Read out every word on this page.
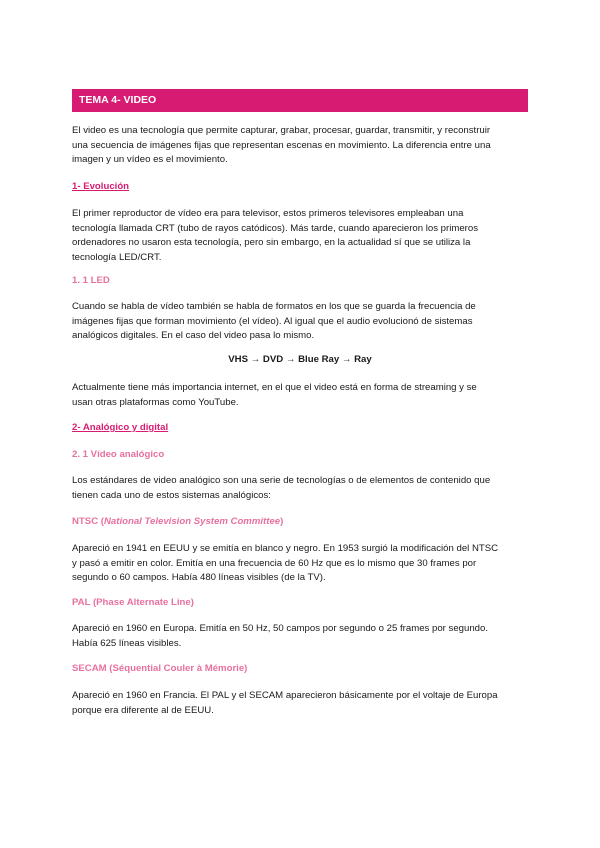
TEMA 4- VIDEO

El video es una tecnología que permite capturar, grabar, procesar, guardar, transmitir, y reconstruir
una secuencia de imágenes fijas que representan escenas en movimiento. La diferencia entre una
imagen y un vídeo es el movimiento.

1- Evolución

El primer reproductor de vídeo era para televisor, estos primeros televisores empleaban una
tecnología llamada CRT (tubo de rayos catódicos). Más tarde, cuando aparecieron los primeros
ordenadores no usaron esta tecnología, pero sin embargo, en la actualidad sí que se utiliza la
tecnología LED/CRT.

1. 1 LED

Cuando se habla de vídeo también se habla de formatos en los que se guarda la frecuencia de
imágenes fijas que forman movimiento (el vídeo). Al igual que el audio evolucionó de sistemas
analógicos digitales. En el caso del video pasa lo mismo.

VHS → DVD → Blue Ray → Ray

Actualmente tiene más importancia internet, en el que el video está en forma de streaming y se
usan otras plataformas como YouTube.

2- Analógico y digital
2. 1 Vídeo analógico

Los estándares de video analógico son una serie de tecnologías o de elementos de contenido que
tienen cada uno de estos sistemas analógicos:

NTSC (National Television System Committee)

Apareció en 1941 en EEUU y se emitía en blanco y negro. En 1953 surgió la modificación del NTSC
y pasó a emitir en color. Emitía en una frecuencia de 60 Hz que es lo mismo que 30 frames por
segundo o 60 campos. Había 480 líneas visibles (de la TV).

PAL (Phase Alternate Line)

Apareció en 1960 en Europa. Emitía en 50 Hz, 50 campos por segundo o 25 frames por segundo.
Había 625 líneas visibles.

SECAM (Séquential Couler à Mémorie)

Apareció en 1960 en Francia. El PAL y el SECAM aparecieron básicamente por el voltaje de Europa
porque era diferente al de EEUU.
